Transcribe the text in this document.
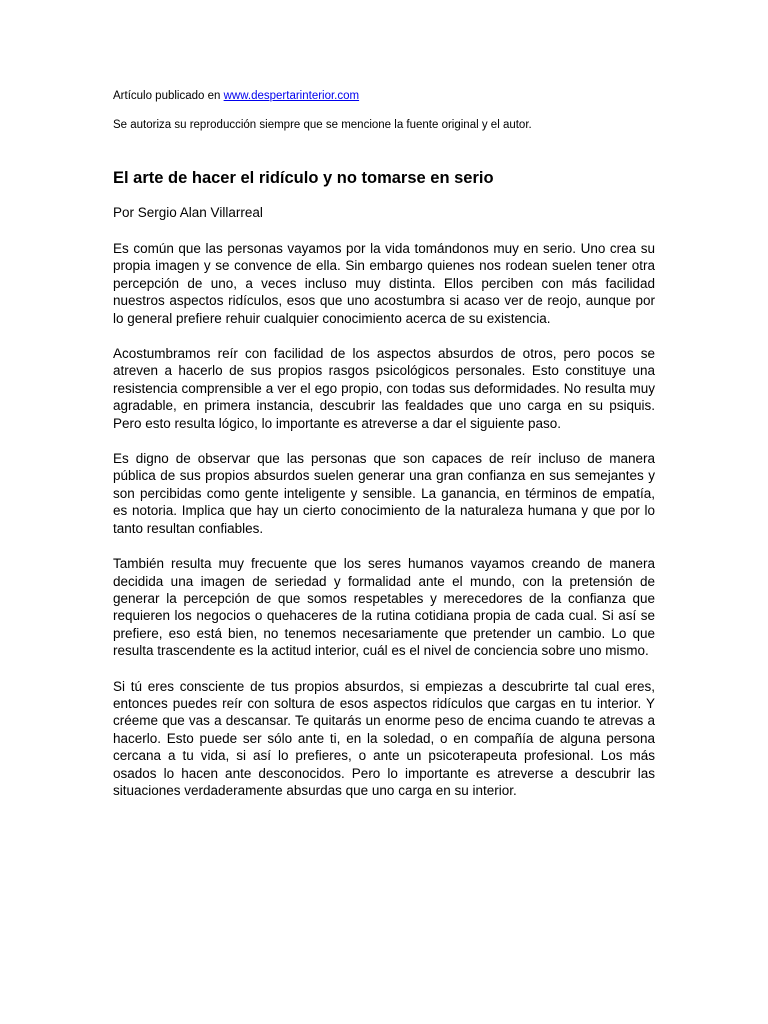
Artículo publicado en www.despertarinterior.com

Se autoriza su reproducción siempre que se mencione la fuente original y el autor.

El arte de hacer el ridículo y no tomarse en serio

Por Sergio Alan Villarreal

Es común que las personas vayamos por la vida tomándonos muy en serio. Uno crea su propia imagen y se convence de ella. Sin embargo quienes nos rodean suelen tener otra percepción de uno, a veces incluso muy distinta. Ellos perciben con más facilidad nuestros aspectos ridículos, esos que uno acostumbra si acaso ver de reojo, aunque por lo general prefiere rehuir cualquier conocimiento acerca de su existencia.

Acostumbramos reír con facilidad de los aspectos absurdos de otros, pero pocos se atreven a hacerlo de sus propios rasgos psicológicos personales. Esto constituye una resistencia comprensible a ver el ego propio, con todas sus deformidades. No resulta muy agradable, en primera instancia, descubrir las fealdades que uno carga en su psiquis. Pero esto resulta lógico, lo importante es atreverse a dar el siguiente paso.

Es digno de observar que las personas que son capaces de reír incluso de manera pública de sus propios absurdos suelen generar una gran confianza en sus semejantes y son percibidas como gente inteligente y sensible. La ganancia, en términos de empatía, es notoria. Implica que hay un cierto conocimiento de la naturaleza humana y que por lo tanto resultan confiables.

También resulta muy frecuente que los seres humanos vayamos creando de manera decidida una imagen de seriedad y formalidad ante el mundo, con la pretensión de generar la percepción de que somos respetables y merecedores de la confianza que requieren los negocios o quehaceres de la rutina cotidiana propia de cada cual. Si así se prefiere, eso está bien, no tenemos necesariamente que pretender un cambio. Lo que resulta trascendente es la actitud interior, cuál es el nivel de conciencia sobre uno mismo.

Si tú eres consciente de tus propios absurdos, si empiezas a descubrirte tal cual eres, entonces puedes reír con soltura de esos aspectos ridículos que cargas en tu interior. Y créeme que vas a descansar. Te quitarás un enorme peso de encima cuando te atrevas a hacerlo. Esto puede ser sólo ante ti, en la soledad, o en compañía de alguna persona cercana a tu vida, si así lo prefieres, o ante un psicoterapeuta profesional. Los más osados lo hacen ante desconocidos. Pero lo importante es atreverse a descubrir las situaciones verdaderamente absurdas que uno carga en su interior.
